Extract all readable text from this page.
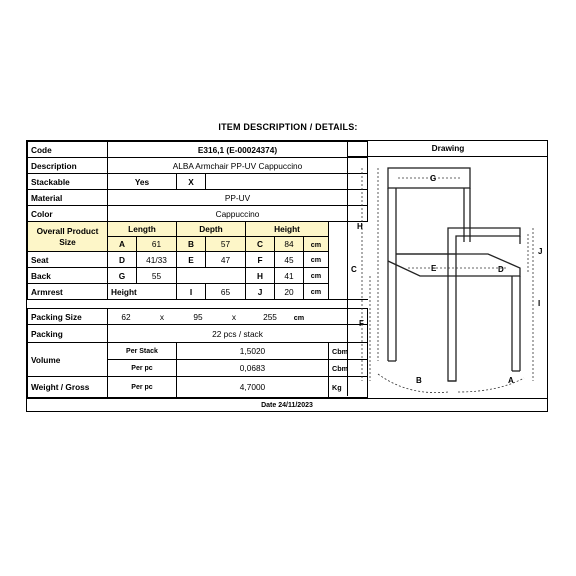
ITEM DESCRIPTION / DETAILS:
Code	E316,1 (E-00024374)							
Description	ALBA Armchair PP-UV Cappuccino							
Stackable	Yes		X					
Material	PP-UV							
Color	Cappuccino							

Overall Product
Size	Length		Depth		Height			
	A	61	B	57	C	84	cm	
Seat	D	41/33	E	47	F	45	cm	
Back	G	55			H	41	cm	
Armrest	Height		I	65	J	20	cm	

Packing Size	62 x 95 x 255 cm							
Packing	22 pcs / stack							
Volume	Per Stack		1,5020					Cbm
	Per pc		0,0683					Cbm
Weight / Gross	Per pc		4,7000					Kg
Drawing
G
H
C	E	D
J
F
I
B	A
Date 24/11/2023
